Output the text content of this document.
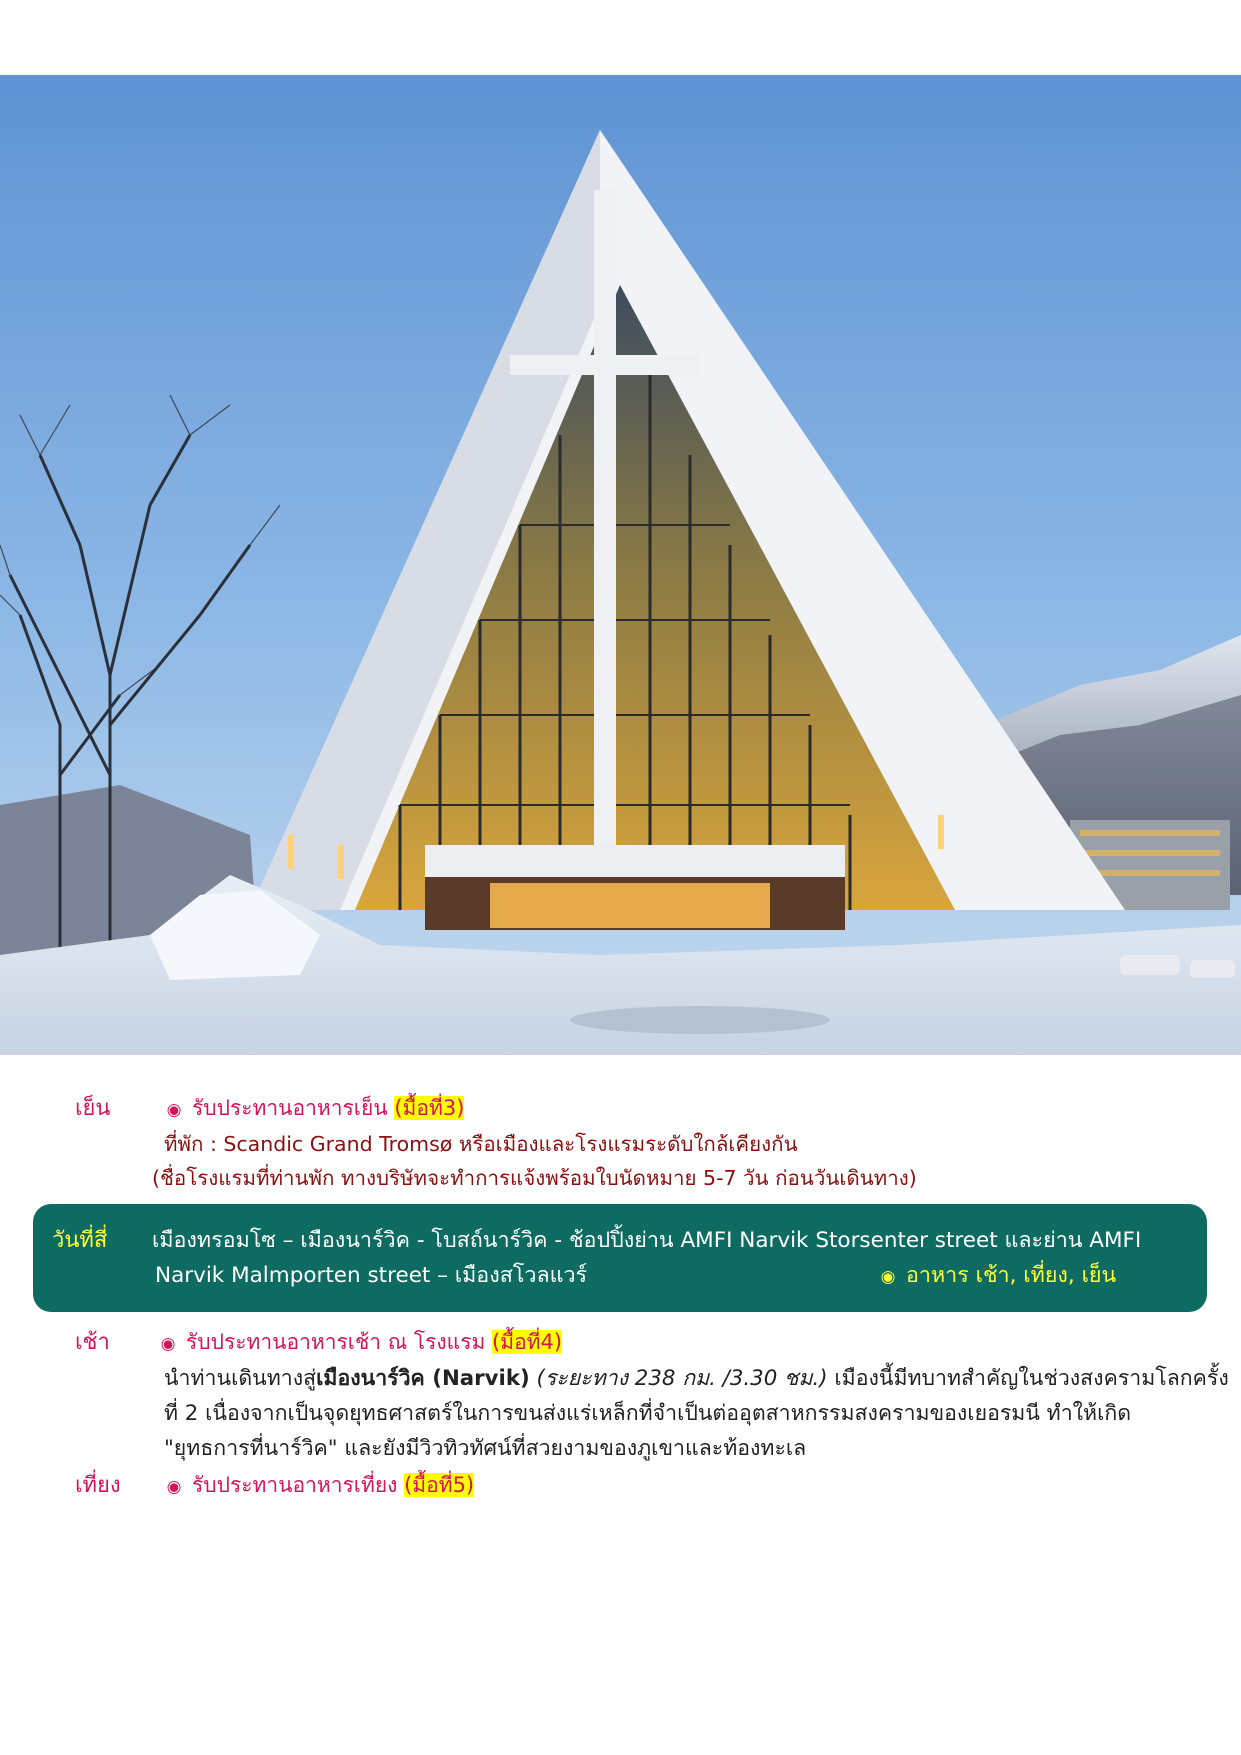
เย็น	◉ รับประทานอาหารเย็น (มื้อที่3)
ที่พัก : Scandic Grand Tromsø หรือเมืองและโรงแรมระดับใกล้เคียงกัน
(ชื่อโรงแรมที่ท่านพัก ทางบริษัทจะทำการแจ้งพร้อมใบนัดหมาย 5-7 วัน ก่อนวันเดินทาง)
วันที่สี่ เมืองทรอมโซ – เมืองนาร์วิค - โบสถ์นาร์วิค - ช้อปปิ้งย่าน AMFI Narvik Storsenter street และย่าน AMFI
Narvik Malmporten street – เมืองสโวลแวร์	◉ อาหาร เช้า, เที่ยง, เย็น
เช้า	◉ รับประทานอาหารเช้า ณ โรงแรม (มื้อที่4)
นำท่านเดินทางสู่เมืองนาร์วิค (Narvik) (ระยะทาง 238 กม. /3.30 ชม.) เมืองนี้มีทบาทสำคัญในช่วงสงครามโลกครั้ง
ที่ 2 เนื่องจากเป็นจุดยุทธศาสตร์ในการขนส่งแร่เหล็กที่จำเป็นต่ออุตสาหกรรมสงครามของเยอรมนี ทำให้เกิด
"ยุทธการที่นาร์วิค" และยังมีวิวทิวทัศน์ที่สวยงามของภูเขาและท้องทะเล
เที่ยง	◉ รับประทานอาหารเที่ยง (มื้อที่5)
